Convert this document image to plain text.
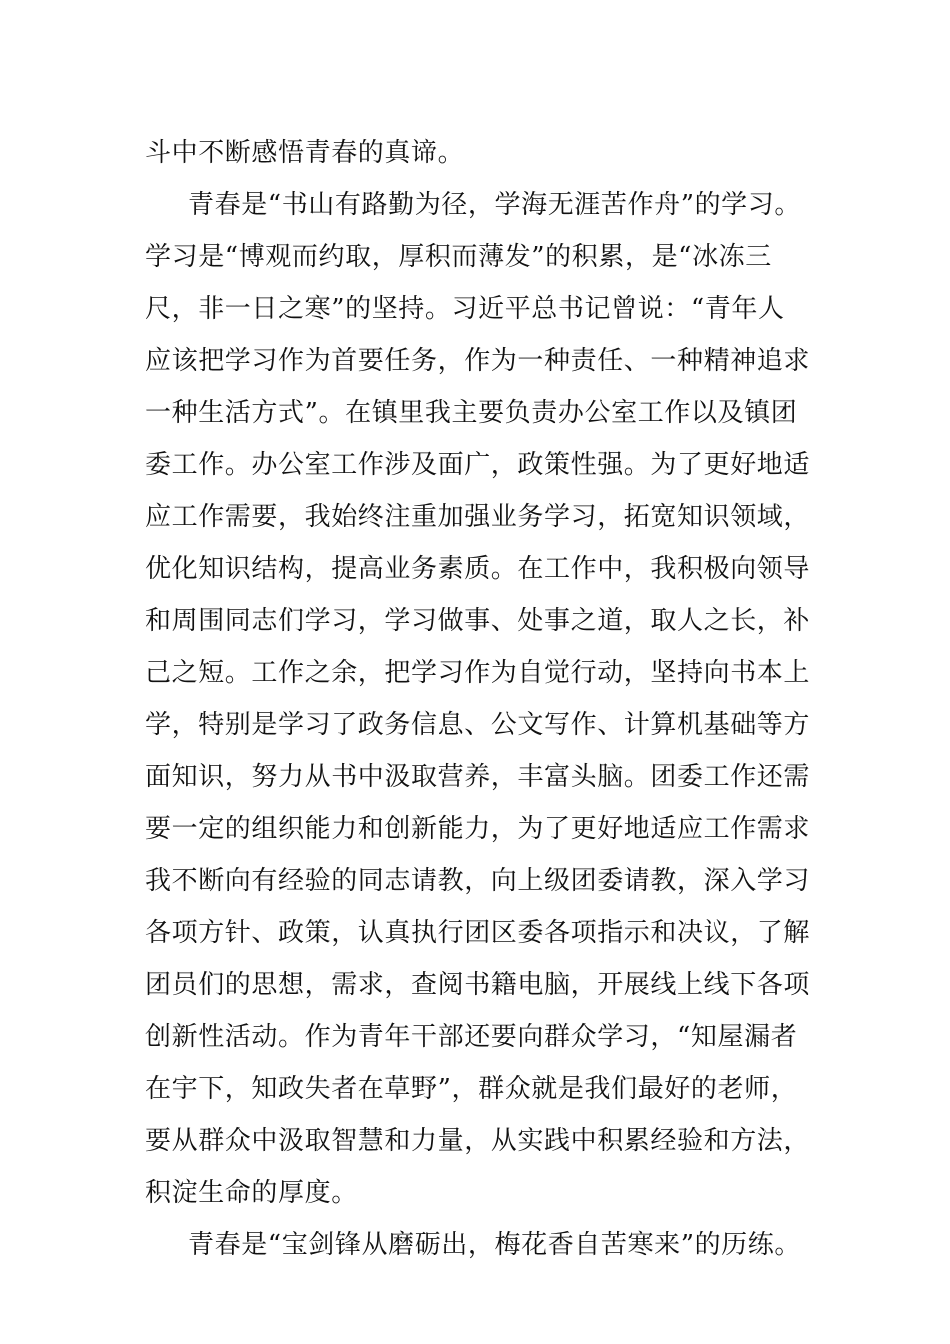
斗中不断感悟青春的真谛。
青春是“书山有路勤为径，学海无涯苦作舟”的学习。
学习是“博观而约取，厚积而薄发”的积累，是“冰冻三
尺，非一日之寒”的坚持。习近平总书记曾说：“青年人
应该把学习作为首要任务，作为一种责任、一种精神追求
一种生活方式”。在镇里我主要负责办公室工作以及镇团
委工作。办公室工作涉及面广，政策性强。为了更好地适
应工作需要，我始终注重加强业务学习，拓宽知识领域，
优化知识结构，提高业务素质。在工作中，我积极向领导
和周围同志们学习，学习做事、处事之道，取人之长，补
己之短。工作之余，把学习作为自觉行动，坚持向书本上
学，特别是学习了政务信息、公文写作、计算机基础等方
面知识，努力从书中汲取营养，丰富头脑。团委工作还需
要一定的组织能力和创新能力，为了更好地适应工作需求
我不断向有经验的同志请教，向上级团委请教，深入学习
各项方针、政策，认真执行团区委各项指示和决议，了解
团员们的思想，需求，查阅书籍电脑，开展线上线下各项
创新性活动。作为青年干部还要向群众学习，“知屋漏者
在宇下，知政失者在草野”，群众就是我们最好的老师，
要从群众中汲取智慧和力量，从实践中积累经验和方法，
积淀生命的厚度。
青春是“宝剑锋从磨砺出，梅花香自苦寒来”的历练。
